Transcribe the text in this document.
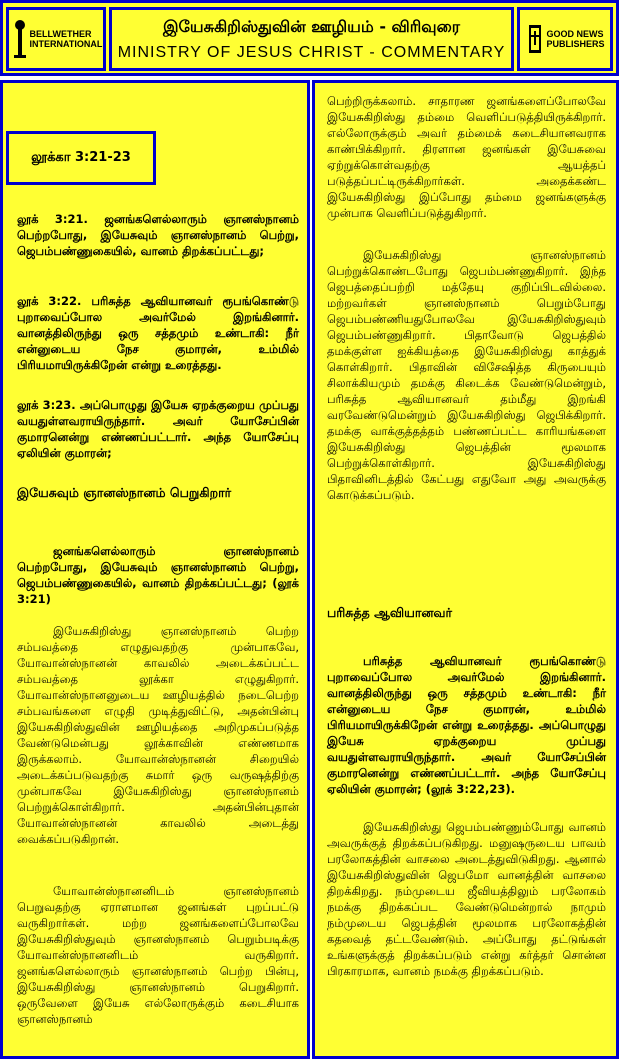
BELLWETHER INTERNATIONAL
இயேசுகிறிஸ்துவின் ஊழியம் - விரிவுரை
MINISTRY OF JESUS CHRIST - COMMENTARY
GOOD NEWS PUBLISHERS
லூக்கா 3:21-23
லூக் 3:21. ஜனங்களெல்லாரும் ஞானஸ்நானம் பெற்றபோது, இயேசுவும் ஞானஸ்நானம் பெற்று, ஜெபம்பண்ணுகையில், வானம் திறக்கப்பட்டது;
லூக் 3:22. பரிசுத்த ஆவியானவர் ரூபங்கொண்டு புறாவைப்போல அவர்மேல் இறங்கினார். வானத்திலிருந்து ஒரு சத்தமும் உண்டாகி: நீர் என்னுடைய நேச குமாரன், உம்மில் பிரியமாயிருக்கிறேன் என்று உரைத்தது.
லூக் 3:23. அப்பொழுது இயேசு ஏறக்குறைய முப்பது வயதுள்ளவராயிருந்தார். அவர் யோசேப்பின் குமாரனென்று எண்ணப்பட்டார். அந்த யோசேப்பு ஏலியின் குமாரன்;
இயேசுவும் ஞானஸ்நானம் பெறுகிறார்
ஜனங்களெல்லாரும் ஞானஸ்நானம் பெற்றபோது, இயேசுவும் ஞானஸ்நானம் பெற்று, ஜெபம்பண்ணுகையில், வானம் திறக்கப்பட்டது; (லூக் 3:21)
இயேசுகிறிஸ்து ஞானஸ்நானம் பெற்ற சம்பவத்தை எழுதுவதற்கு முன்பாகவே, யோவான்ஸ்நானன் காவலில் அடைக்கப்பட்ட சம்பவத்தை லூக்கா எழுதுகிறார். யோவான்ஸ்நானனுடைய ஊழியத்தில் நடைபெற்ற சம்பவங்களை எழுதி முடித்துவிட்டு, அதன்பின்பு இயேசுகிறிஸ்துவின் ஊழியத்தை அறிமுகப்படுத்த வேண்டுமென்பது லூக்காவின் எண்ணமாக இருக்கலாம். யோவான்ஸ்நானன் சிறையில் அடைக்கப்படுவதற்கு சுமார் ஒரு வருஷத்திற்கு முன்பாகவே இயேசுகிறிஸ்து ஞானஸ்நானம் பெற்றுக்கொள்கிறார். அதன்பின்புதான் யோவான்ஸ்நானன் காவலில் அடைத்து வைக்கப்படுகிறான்.
யோவான்ஸ்நானனிடம் ஞானஸ்நானம் பெறுவதற்கு ஏராளமான ஜனங்கள் புறப்பட்டு வருகிறார்கள். மற்ற ஜனங்களைப்போலவே இயேசுகிறிஸ்துவும் ஞானஸ்நானம் பெறும்படிக்கு யோவான்ஸ்நானனிடம் வருகிறார். ஜனங்களெல்லாரும் ஞானஸ்நானம் பெற்ற பின்பு, இயேசுகிறிஸ்து ஞானஸ்நானம் பெறுகிறார். ஒருவேளை இயேசு எல்லோருக்கும் கடைசியாக ஞானஸ்நானம்
பெற்றிருக்கலாம். சாதாரண ஜனங்களைப்போலவே இயேசுகிறிஸ்து தம்மை வெளிப்படுத்தியிருக்கிறார். எல்லோருக்கும் அவர் தம்மைக் கடைசியானவராக காண்பிக்கிறார். திரளான ஜனங்கள் இயேசுவை ஏற்றுக்கொள்வதற்கு ஆயத்தப் படுத்தப்பட்டிருக்கிறார்கள். அதைக்கண்ட இயேசுகிறிஸ்து இப்போது தம்மை ஜனங்களுக்கு முன்பாக வெளிப்படுத்துகிறார்.
இயேசுகிறிஸ்து ஞானஸ்நானம் பெற்றுக்கொண்டபோது ஜெபம்பண்ணுகிறார். இந்த ஜெபத்தைப்பற்றி மத்தேயு குறிப்பிடவில்லை. மற்றவர்கள் ஞானஸ்நானம் பெறும்போது ஜெபம்பண்ணியதுபோலவே இயேசுகிறிஸ்துவும் ஜெபம்பண்ணுகிறார். பிதாவோடு ஜெபத்தில் தமக்குள்ள ஐக்கியத்தை இயேசுகிறிஸ்து காத்துக் கொள்கிறார். பிதாவின் விசேஷித்த கிருபையும் சிலாக்கியமும் தமக்கு கிடைக்க வேண்டுமென்றும், பரிசுத்த ஆவியானவர் தம்மீது இறங்கி வரவேண்டுமென்றும் இயேசுகிறிஸ்து ஜெபிக்கிறார். தமக்கு வாக்குத்தத்தம் பண்ணப்பட்ட காரியங்களை இயேசுகிறிஸ்து ஜெபத்தின் மூலமாக பெற்றுக்கொள்கிறார். இயேசுகிறிஸ்து பிதாவினிடத்தில் கேட்பது எதுவோ அது அவருக்கு கொடுக்கப்படும்.
பரிசுத்த ஆவியானவர்
பரிசுத்த ஆவியானவர் ரூபங்கொண்டு புறாவைப்போல அவர்மேல் இறங்கினார். வானத்திலிருந்து ஒரு சத்தமும் உண்டாகி: நீர் என்னுடைய நேச குமாரன், உம்மில் பிரியமாயிருக்கிறேன் என்று உரைத்தது. அப்பொழுது இயேசு ஏறக்குறைய முப்பது வயதுள்ளவராயிருந்தார். அவர் யோசேப்பின் குமாரனென்று எண்ணப்பட்டார். அந்த யோசேப்பு ஏலியின் குமாரன்; (லூக் 3:22,23).
இயேசுகிறிஸ்து ஜெபம்பண்ணும்போது வானம் அவருக்குத் திறக்கப்படுகிறது. மனுஷருடைய பாவம் பரலோகத்தின் வாசலை அடைத்துவிடுகிறது. ஆனால் இயேசுகிறிஸ்துவின் ஜெபமோ வானத்தின் வாசலை திறக்கிறது. நம்முடைய ஜீவியத்திலும் பரலோகம் நமக்கு திறக்கப்பட வேண்டுமென்றால் நாமும் நம்முடைய ஜெபத்தின் மூலமாக பரலோகத்தின் கதவைத் தட்டவேண்டும். அப்போது தட்டுங்கள் உங்களுக்குத் திறக்கப்படும் என்று கர்த்தர் சொன்ன பிரகாரமாக, வானம் நமக்கு திறக்கப்படும்.
